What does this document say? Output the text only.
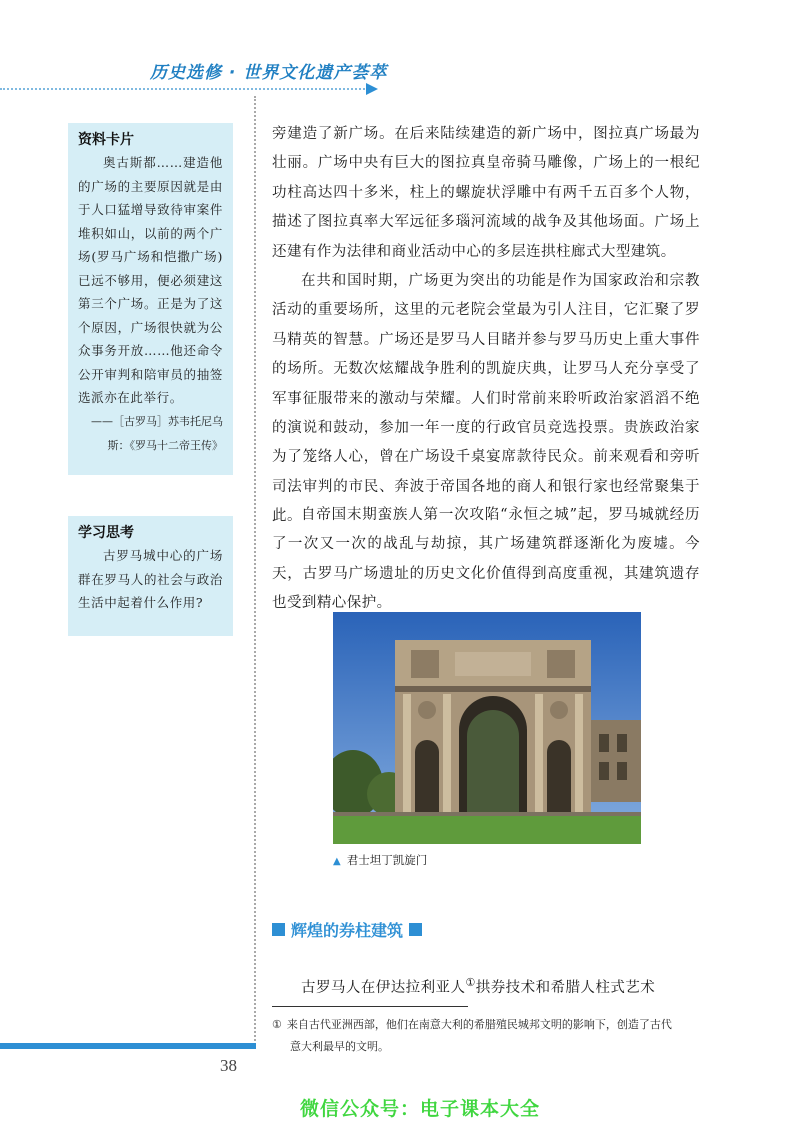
历史选修 · 世界文化遗产荟萃
资料卡片
奥古斯都……建造他的广场的主要原因就是由于人口猛增导致待审案件堆积如山，以前的两个广场(罗马广场和恺撒广场)已远不够用，便必须建这第三个广场。正是为了这个原因，广场很快就为公众事务开放……他还命令公开审判和陪审员的抽签选派亦在此举行。
——［古罗马］苏韦托尼乌
斯：《罗马十二帝王传》
学习思考
古罗马城中心的广场群在罗马人的社会与政治生活中起着什么作用?

旁建造了新广场。在后来陆续建造的新广场中，图拉真广场最为壮丽。广场中央有巨大的图拉真皇帝骑马雕像，广场上的一根纪功柱高达四十多米，柱上的螺旋状浮雕中有两千五百多个人物，描述了图拉真率大军远征多瑙河流域的战争及其他场面。广场上还建有作为法律和商业活动中心的多层连拱柱廊式大型建筑。

在共和国时期，广场更为突出的功能是作为国家政治和宗教活动的重要场所，这里的元老院会堂最为引人注目，它汇聚了罗马精英的智慧。广场还是罗马人目睹并参与罗马历史上重大事件的场所。无数次炫耀战争胜利的凯旋庆典，让罗马人充分享受了军事征服带来的激动与荣耀。人们时常前来聆听政治家滔滔不绝的演说和鼓动，参加一年一度的行政官员竞选投票。贵族政治家为了笼络人心，曾在广场设千桌宴席款待民众。前来观看和旁听司法审判的市民、奔波于帝国各地的商人和银行家也经常聚集于此。 自帝国末期蛮族人第一次攻陷“永恒之城”起，罗马城就经历了一次又一次的战乱与劫掠，其广场建筑群逐渐化为废墟。今天，古罗马广场遗址的历史文化价值得到高度重视，其建筑遗存也受到精心保护。

▲ 君士坦丁凯旋门
辉煌的券柱建筑
古罗马人在伊达拉利亚人①拱券技术和希腊人柱式艺术
① 来自古代亚洲西部，他们在南意大利的希腊殖民城邦文明的影响下，创造了古代
意大利最早的文明。
38
微信公众号：电子课本大全
